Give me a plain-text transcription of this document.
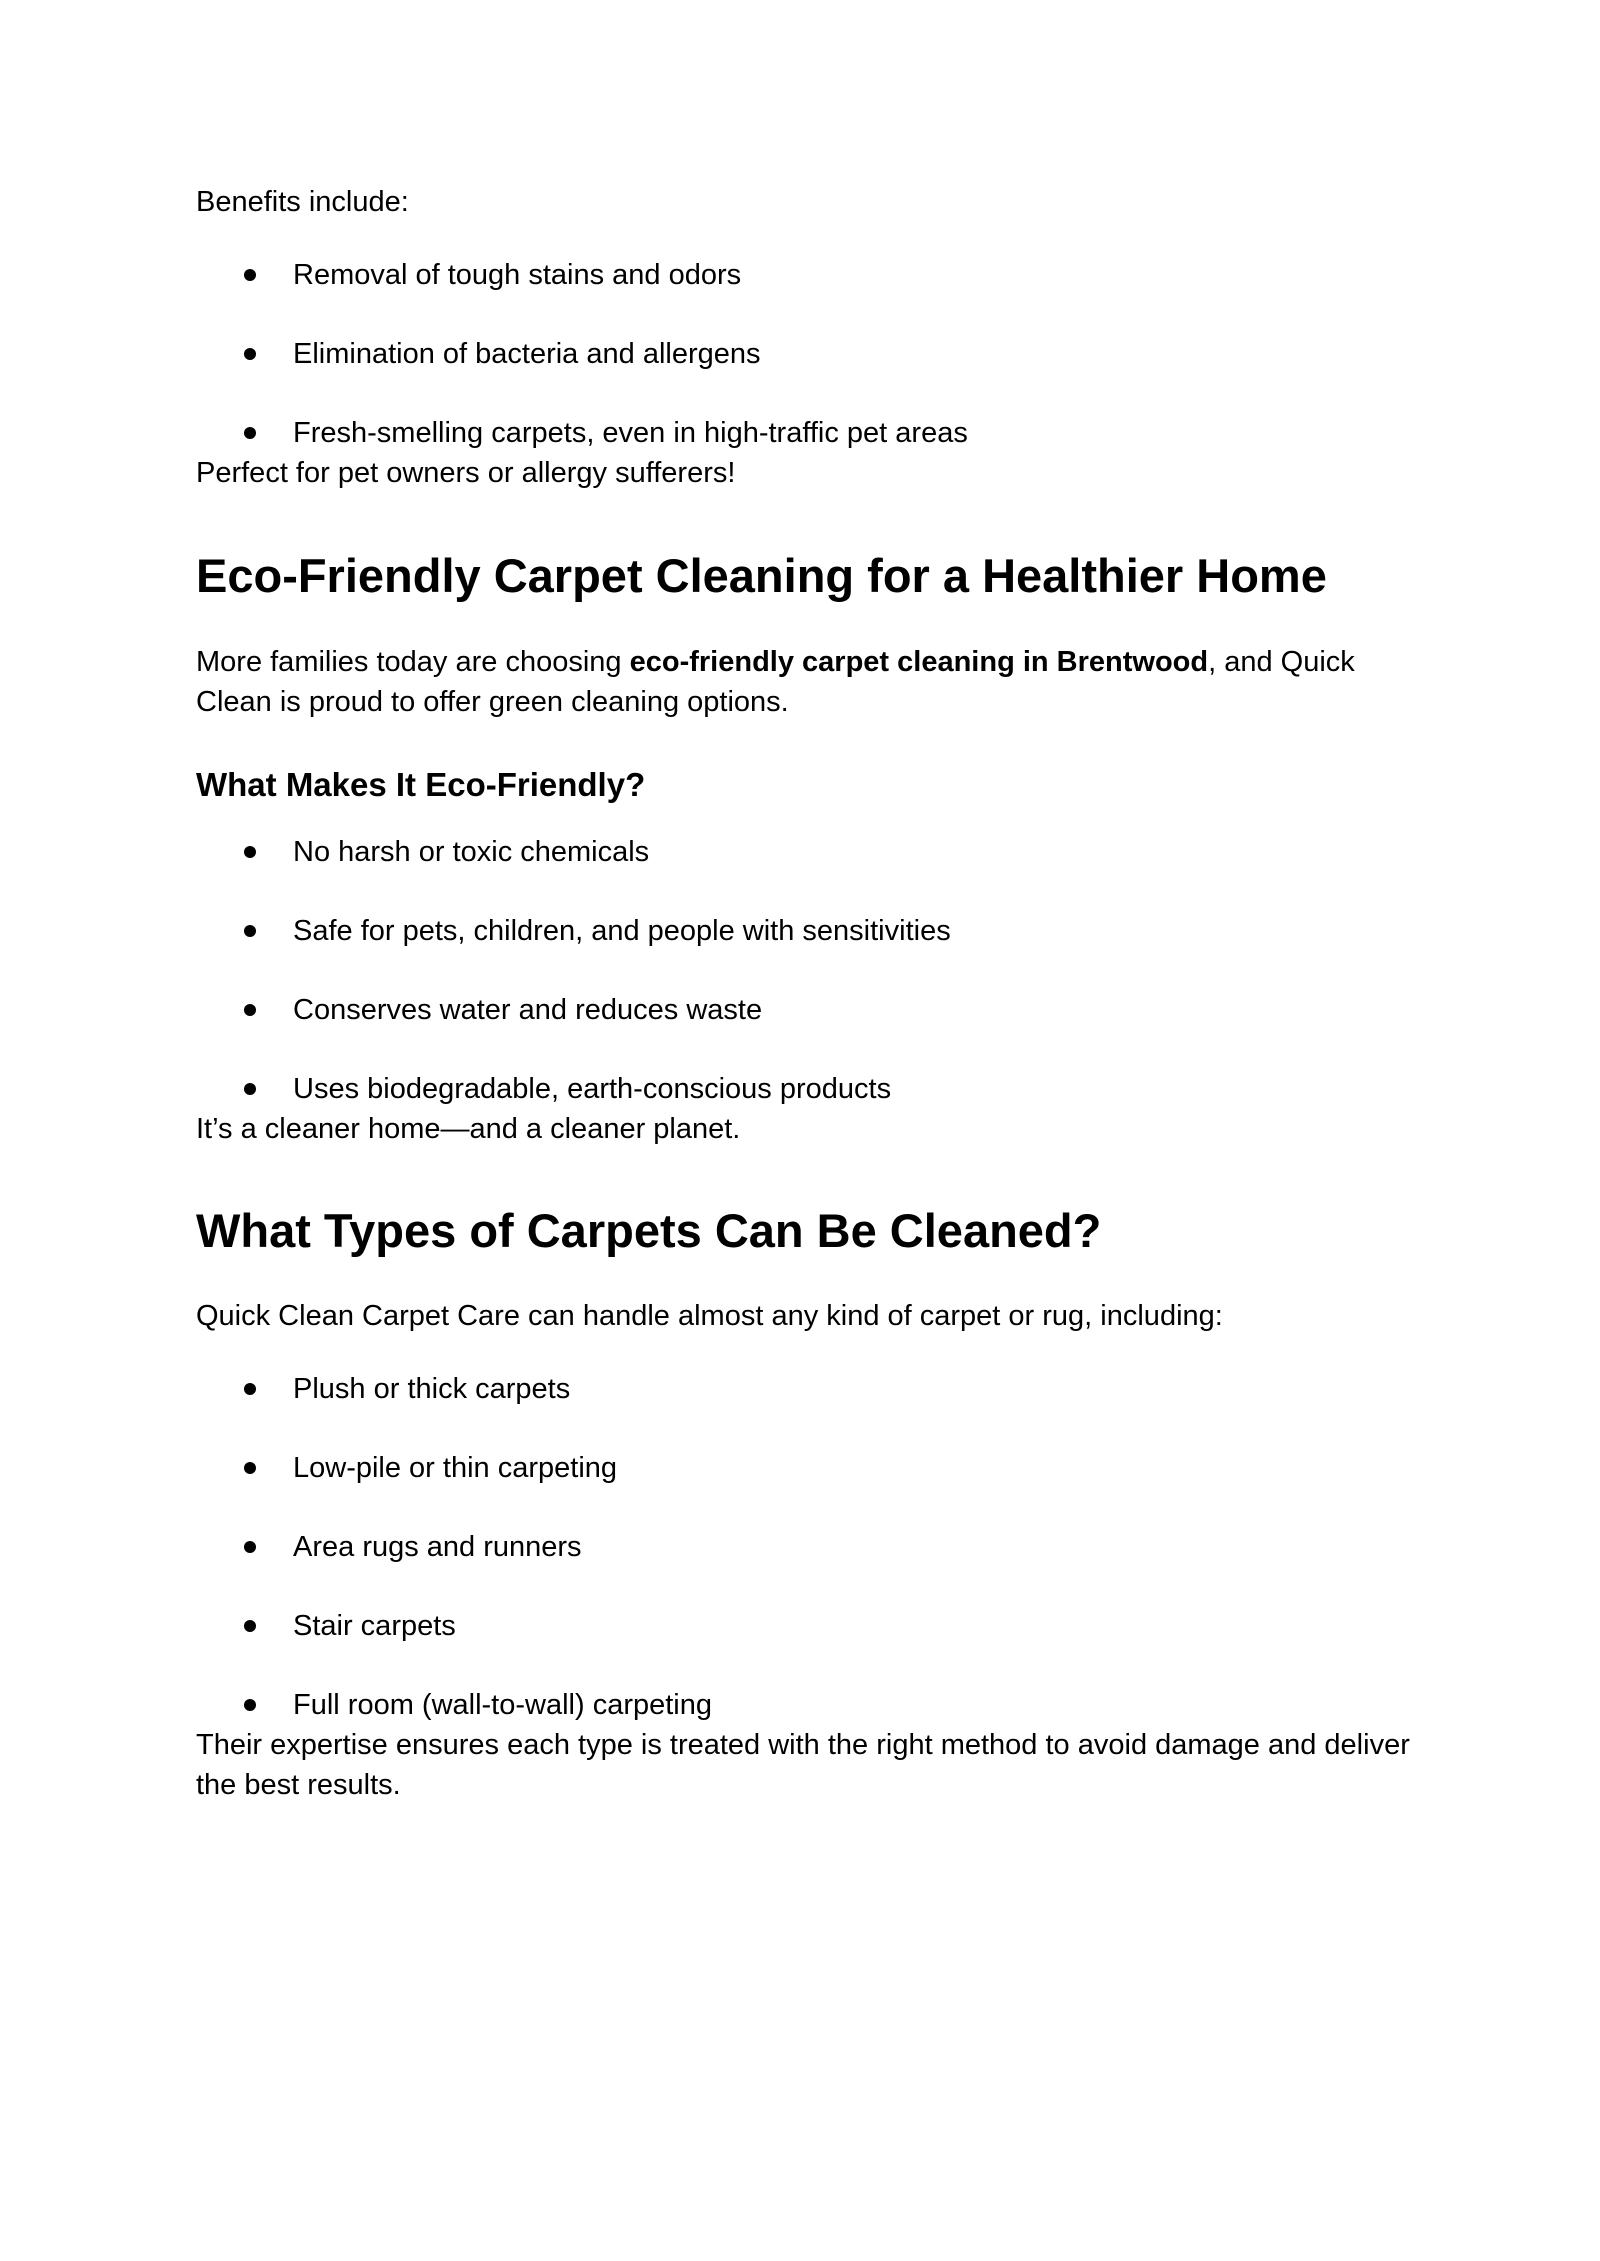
Benefits include:

Removal of tough stains and odors
Elimination of bacteria and allergens
Fresh-smelling carpets, even in high-traffic pet areas

Perfect for pet owners or allergy sufferers!

Eco-Friendly Carpet Cleaning for a Healthier Home

More families today are choosing eco-friendly carpet cleaning in Brentwood, and Quick Clean is proud to offer green cleaning options.

What Makes It Eco-Friendly?
No harsh or toxic chemicals
Safe for pets, children, and people with sensitivities
Conserves water and reduces waste
Uses biodegradable, earth-conscious products

It’s a cleaner home—and a cleaner planet.

What Types of Carpets Can Be Cleaned?

Quick Clean Carpet Care can handle almost any kind of carpet or rug, including:

Plush or thick carpets
Low-pile or thin carpeting
Area rugs and runners
Stair carpets
Full room (wall-to-wall) carpeting

Their expertise ensures each type is treated with the right method to avoid damage and deliver the best results.
